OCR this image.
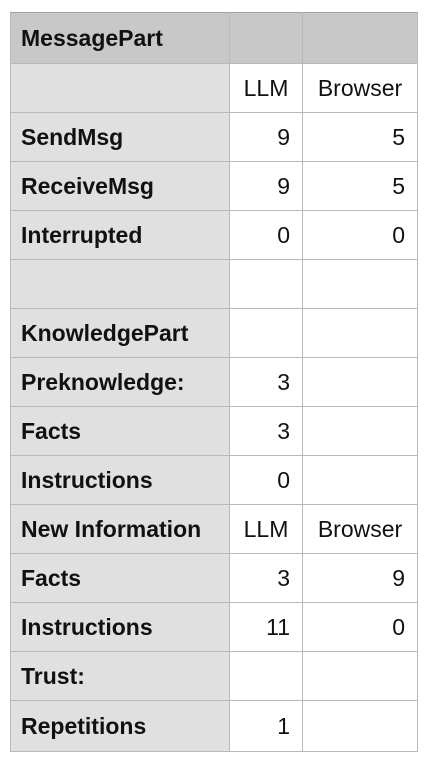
MessagePart		
	LLM	Browser
SendMsg	9	5
ReceiveMsg	9	5
Interrupted	0	0

KnowledgePart		
Preknowledge:	3	
Facts	3	
Instructions	0	
New Information	LLM	Browser
Facts	3	9
Instructions	11	0
Trust:		
Repetitions	1	
